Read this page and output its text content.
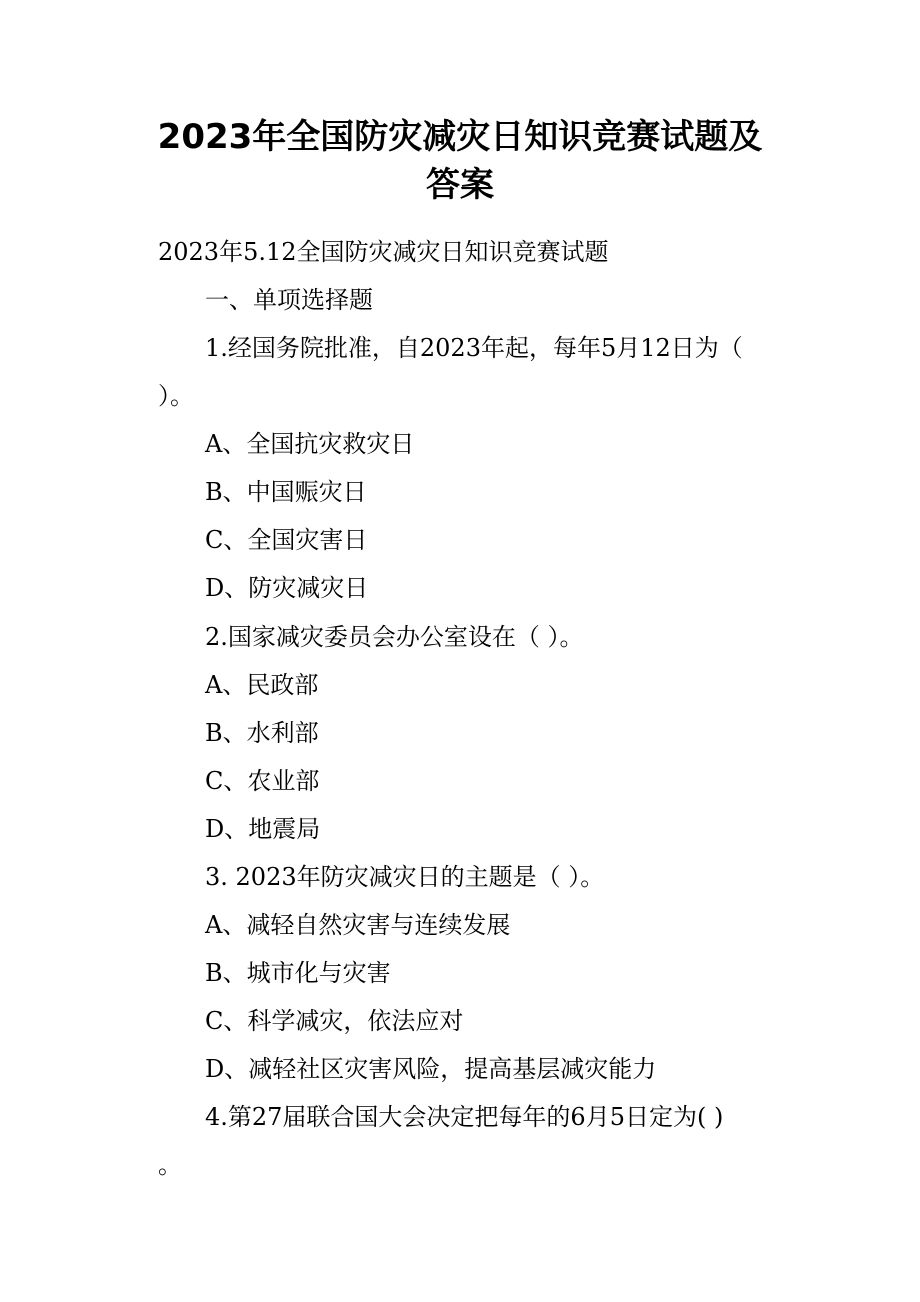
2023年全国防灾减灾日知识竞赛试题及
答案
2023年5.12全国防灾减灾日知识竞赛试题
一、单项选择题
1.经国务院批准，自2023年起，每年5月12日为（
）。
A、全国抗灾救灾日
B、中国赈灾日
C、全国灾害日
D、防灾减灾日
2.国家减灾委员会办公室设在（ ）。
A、民政部
B、水利部
C、农业部
D、地震局
3. 2023年防灾减灾日的主题是（ ）。
A、减轻自然灾害与连续发展
B、城市化与灾害
C、科学减灾，依法应对
D、减轻社区灾害风险，提高基层减灾能力
4.第27届联合国大会决定把每年的6月5日定为( )
。
